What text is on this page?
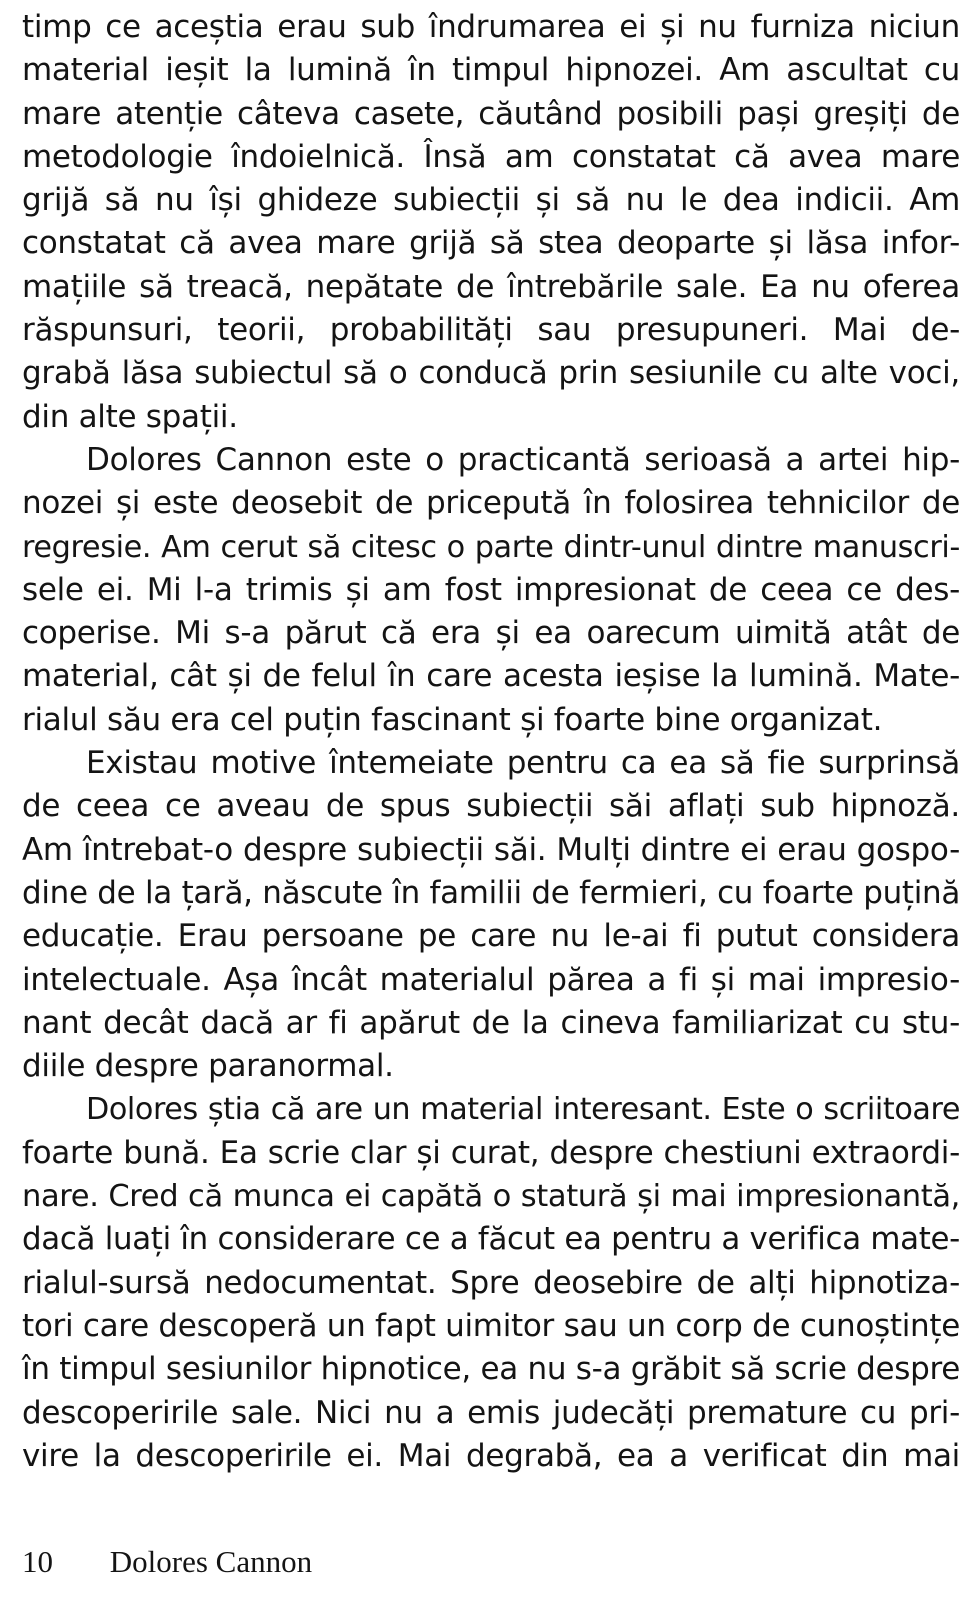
timp ce aceștia erau sub îndrumarea ei și nu furniza niciun
material ieșit la lumină în timpul hipnozei. Am ascultat cu
mare atenție câteva casete, căutând posibili pași greșiți de
metodologie îndoielnică. Însă am constatat că avea mare
grijă să nu își ghideze subiecții și să nu le dea indicii. Am
constatat că avea mare grijă să stea deoparte și lăsa infor-
mațiile să treacă, nepătate de întrebările sale. Ea nu oferea
răspunsuri, teorii, probabilități sau presupuneri. Mai de-
grabă lăsa subiectul să o conducă prin sesiunile cu alte voci,
din alte spații.
Dolores Cannon este o practicantă serioasă a artei hip-
nozei și este deosebit de pricepută în folosirea tehnicilor de
regresie. Am cerut să citesc o parte dintr-unul dintre manuscri-
sele ei. Mi l-a trimis și am fost impresionat de ceea ce des-
coperise. Mi s-a părut că era și ea oarecum uimită atât de
material, cât și de felul în care acesta ieșise la lumină. Mate-
rialul său era cel puțin fascinant și foarte bine organizat.
Existau motive întemeiate pentru ca ea să fie surprinsă
de ceea ce aveau de spus subiecții săi aflați sub hipnoză.
Am întrebat-o despre subiecții săi. Mulți dintre ei erau gospo-
dine de la țară, născute în familii de fermieri, cu foarte puțină
educație. Erau persoane pe care nu le-ai fi putut considera
intelectuale. Așa încât materialul părea a fi și mai impresio-
nant decât dacă ar fi apărut de la cineva familiarizat cu stu-
diile despre paranormal.
Dolores știa că are un material interesant. Este o scriitoare
foarte bună. Ea scrie clar și curat, despre chestiuni extraordi-
nare. Cred că munca ei capătă o statură și mai impresionantă,
dacă luați în considerare ce a făcut ea pentru a verifica mate-
rialul-sursă nedocumentat. Spre deosebire de alți hipnotiza-
tori care descoperă un fapt uimitor sau un corp de cunoștințe
în timpul sesiunilor hipnotice, ea nu s-a grăbit să scrie despre
descoperirile sale. Nici nu a emis judecăți premature cu pri-
vire la descoperirile ei. Mai degrabă, ea a verificat din mai
10 Dolores Cannon
